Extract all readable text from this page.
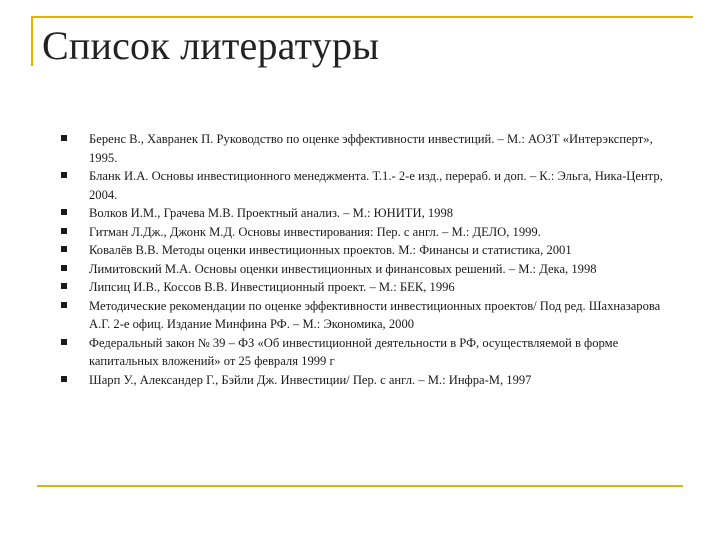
Список литературы
Беренс В., Хавранек П. Руководство по оценке эффективности инвестиций. – М.: АОЗТ «Интерэксперт», 1995.
Бланк И.А. Основы инвестиционного менеджмента. Т.1.- 2-е изд., перераб. и доп. – К.: Эльга, Ника-Центр, 2004.
Волков И.М., Грачева М.В. Проектный анализ. – М.: ЮНИТИ, 1998
Гитман Л.Дж., Джонк М.Д. Основы инвестирования: Пер. с англ. – М.: ДЕЛО, 1999.
Ковалёв В.В. Методы оценки инвестиционных проектов. М.: Финансы и статистика, 2001
Лимитовский М.А. Основы оценки инвестиционных и финансовых решений. – М.: Дека, 1998
Липсиц И.В., Коссов В.В. Инвестиционный проект. – М.: БЕК, 1996
Методические рекомендации по оценке эффективности инвестиционных проектов/ Под ред. Шахназарова А.Г. 2-е офиц. Издание Минфина РФ. – М.: Экономика, 2000
Федеральный закон № 39 – ФЗ «Об инвестиционной деятельности в РФ, осуществляемой в форме капитальных вложений» от 25 февраля 1999 г
Шарп У., Александер Г., Бэйли Дж. Инвестиции/ Пер. с англ. – М.: Инфра-М, 1997
